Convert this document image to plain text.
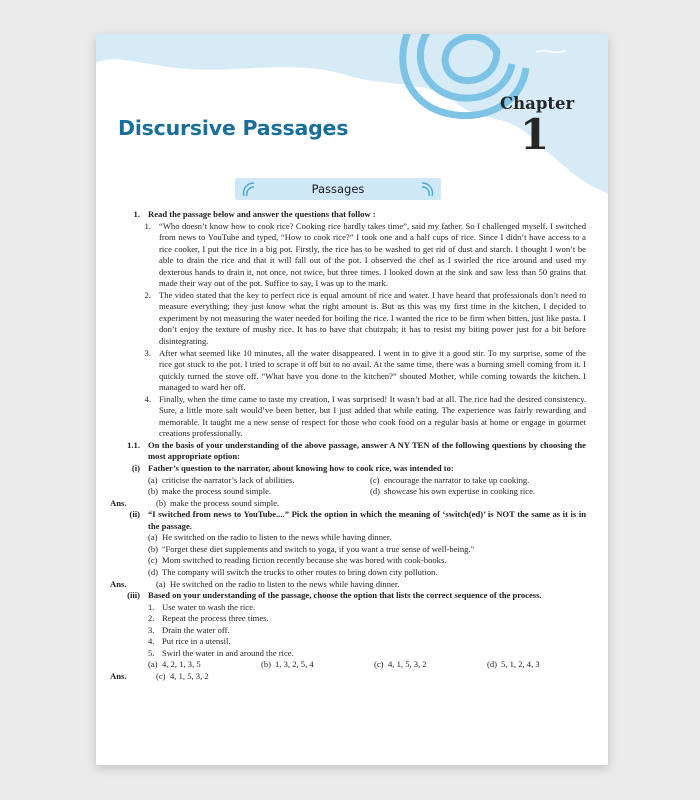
Discursive Passages
Chapter
1
Passages
1. Read the passage below and answer the questions that follow :
1. “Who doesn’t know how to cook rice? Cooking rice hardly takes time”, said my father. So I challenged myself. I switched from news to YouTube and typed, “How to cook rice?” I took one and a half cups of rice. Since I didn’t have access to a rice cooker, I put the rice in a big pot. Firstly, the rice has to be washed to get rid of dust and starch. I thought I won’t be able to drain the rice and that it will fall out of the pot. I observed the chef as I swirled the rice around and used my dexterous hands to drain it, not once, not twice, but three times. I looked down at the sink and saw less than 50 grains that made their way out of the pot. Suffice to say, I was up to the mark.
2. The video stated that the key to perfect rice is equal amount of rice and water. I have heard that professionals don’t need to measure everything; they just know what the right amount is. But as this was my first time in the kitchen, I decided to experiment by not measuring the water needed for boiling the rice. I wanted the rice to be firm when bitten, just like pasta. I don’t enjoy the texture of mushy rice. It has to have that chutzpah; it has to resist my biting power just for a bit before disintegrating.
3. After what seemed like 10 minutes, all the water disappeared. I went in to give it a good stir. To my surprise, some of the rice got stuck to the pot. I tried to scrape it off but to no avail. At the same time, there was a burning smell coming from it. I quickly turned the stove off. “What have you done to the kitchen?” shouted Mother, while coming towards the kitchen. I managed to ward her off.
4. Finally, when the time came to taste my creation, I was surprised! It wasn’t bad at all. The rice had the desired consistency. Sure, a little more salt would’ve been better, but I just added that while eating. The experience was fairly rewarding and memorable. It taught me a new sense of respect for those who cook food on a regular basis at home or engage in gourmet creations professionally.
1.1. On the basis of your understanding of the above passage, answer A NY TEN of the following questions by choosing the most appropriate option:
(i) Father’s question to the narrator, about knowing how to cook rice, was intended to:
(a) criticise the narrator’s lack of abilities.	(c) encourage the narrator to take up cooking.
(b) make the process sound simple.	(d) showcase his own expertise in cooking rice.
Ans.	(b) make the process sound simple.
(ii) “I switched from news to YouTube....” Pick the option in which the meaning of ‘switch(ed)’ is NOT the same as it is in the passage.
(a) He switched on the radio to listen to the news while having dinner.
(b) "Forget these diet supplements and switch to yoga, if you want a true sense of well-being."
(c) Mom switched to reading fiction recently because she was bored with cook-books.
(d) The company will switch the trucks to other routes to bring down city pollution.
Ans.	(a) He switched on the radio to listen to the news while having dinner.
(iii) Based on your understanding of the passage, choose the option that lists the correct sequence of the process.
1. Use water to wash the rice.
2. Repeat the process three times.
3. Drain the water off.
4. Put rice in a utensil.
5. Swirl the water in and around the rice.
(a) 4, 2, 1, 3, 5	(b) 1, 3, 2, 5, 4	(c) 4, 1, 5, 3, 2	(d) 5, 1, 2, 4, 3
Ans.	(c) 4, 1, 5, 3, 2
